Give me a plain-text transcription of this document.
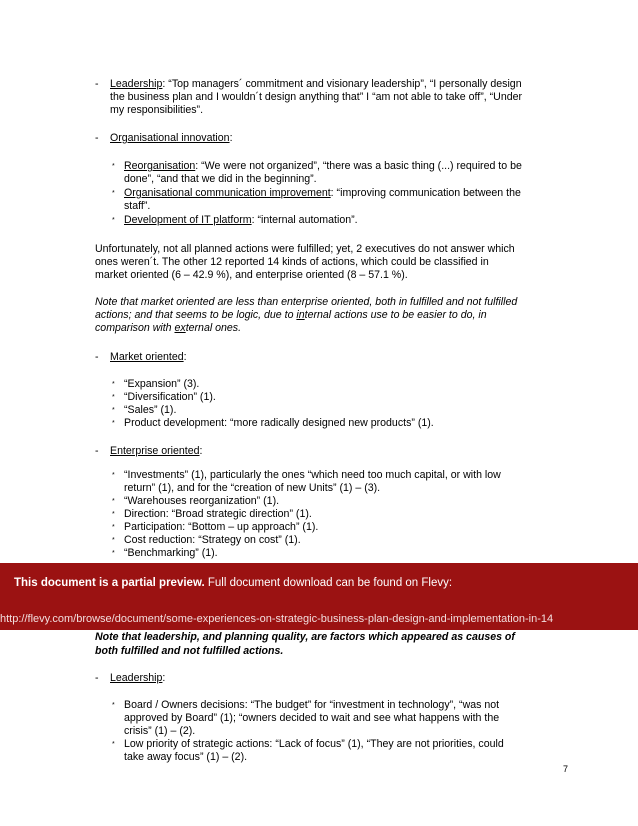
- Leadership: “Top managers´ commitment and visionary leadership”, “I personally design
the business plan and I wouldn´t design anything that” I “am not able to take off”, “Under
my responsibilities”.
- Organisational innovation:
* Reorganisation: “We were not organized”, “there was a basic thing (...) required to be
done”, “and that we did in the beginning”.
* Organisational communication improvement: “improving communication between the
staff”.
* Development of IT platform: “internal automation”.
Unfortunately, not all planned actions were fulfilled; yet, 2 executives do not answer which
ones weren´t. The other 12 reported 14 kinds of actions, which could be classified in
market oriented (6 – 42.9 %), and enterprise oriented (8 – 57.1 %).
Note that market oriented are less than enterprise oriented, both in fulfilled and not fulfilled
actions; and that seems to be logic, due to internal actions use to be easier to do, in
comparison with external ones.
- Market oriented:
* “Expansion” (3).
* “Diversification” (1).
* “Sales” (1).
* Product development: “more radically designed new products” (1).
- Enterprise oriented:
* “Investments” (1), particularly the ones “which need too much capital, or with low
return” (1), and for the “creation of new Units” (1) – (3).
* “Warehouses reorganization” (1).
* Direction: “Broad strategic direction” (1).
* Participation: “Bottom – up approach” (1).
* Cost reduction: “Strategy on cost” (1).
* “Benchmarking” (1).
This document is a partial preview. Full document download can be found on Flevy:
http://flevy.com/browse/document/some-experiences-on-strategic-business-plan-design-and-implementation-in-14
Note that leadership, and planning quality, are factors which appeared as causes of
both fulfilled and not fulfilled actions.
- Leadership:
* Board / Owners decisions: “The budget” for “investment in technology”, “was not
approved by Board” (1); “owners decided to wait and see what happens with the
crisis” (1) – (2).
* Low priority of strategic actions: “Lack of focus” (1), “They are not priorities, could
take away focus” (1) – (2).
7
